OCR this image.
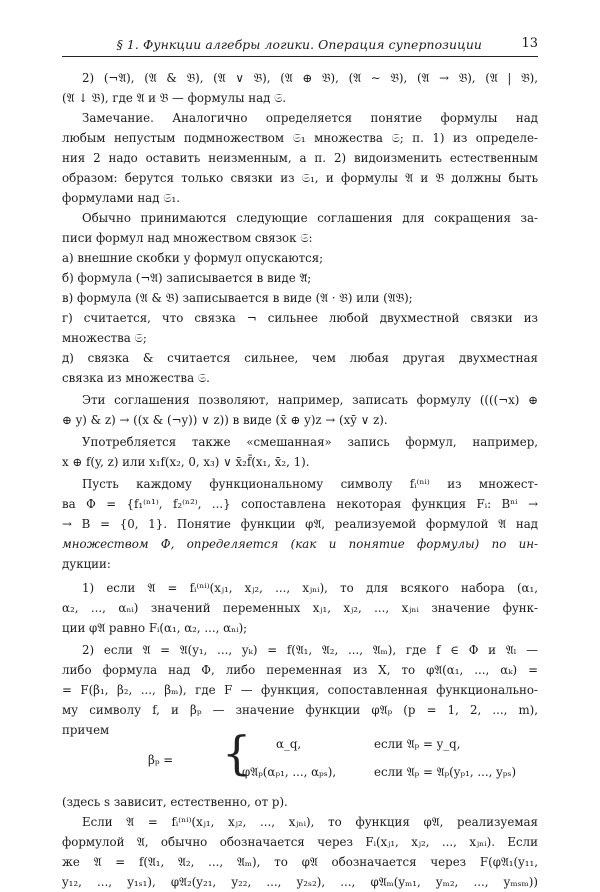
§ 1. Функции алгебры логики. Операция суперпозиции	13
2) (¬𝔄), (𝔄 & 𝔅), (𝔄 ∨ 𝔅), (𝔄 ⊕ 𝔅), (𝔄 ∼ 𝔅), (𝔄 → 𝔅), (𝔄 | 𝔅),
(𝔄 ↓ 𝔅), где 𝔄 и 𝔅 — формулы над 𝔖.
Замечание. Аналогично определяется понятие формулы над
любым непустым подмножеством 𝔖₁ множества 𝔖; п. 1) из определе-
ния 2 надо оставить неизменным, а п. 2) видоизменить естественным
образом: берутся только связки из 𝔖₁, и формулы 𝔄 и 𝔅 должны быть
формулами над 𝔖₁.
Обычно принимаются следующие соглашения для сокращения за-
писи формул над множеством связок 𝔖:
а) внешние скобки у формул опускаются;
б) формула (¬𝔄) записывается в виде 𝔄̄;
в) формула (𝔄 & 𝔅) записывается в виде (𝔄 · 𝔅) или (𝔄𝔅);
г) считается, что связка ¬ сильнее любой двухместной связки из
множества 𝔖;
д) связка & считается сильнее, чем любая другая двухместная
связка из множества 𝔖.
Эти соглашения позволяют, например, записать формулу ((((¬x) ⊕
⊕ y) & z) → ((x & (¬y)) ∨ z)) в виде (x̄ ⊕ y)z → (xȳ ∨ z).
Употребляется также «смешанная» запись формул, например,
x ⊕ f(y, z) или x₁f(x₂, 0, x₃) ∨ x̄₂f̄(x₁, x̄₂, 1).
Пусть каждому функциональному символу fᵢ⁽ⁿⁱ⁾ из множест-
ва Φ = {f₁⁽ⁿ¹⁾, f₂⁽ⁿ²⁾, ...} сопоставлена некоторая функция Fᵢ: Bⁿⁱ →
→ B = {0, 1}. Понятие функции φ𝔄, реализуемой формулой 𝔄 над
множеством Φ, определяется (как и понятие формулы) по ин-
дукции:
1) если 𝔄 = fᵢ⁽ⁿⁱ⁾(xⱼ₁, xⱼ₂, ..., xⱼₙᵢ), то для всякого набора (α₁,
α₂, ..., αₙᵢ) значений переменных xⱼ₁, xⱼ₂, ..., xⱼₙᵢ значение функ-
ции φ𝔄 равно Fᵢ(α₁, α₂, ..., αₙᵢ);
2) если 𝔄 = 𝔄(y₁, ..., yₖ) = f(𝔄₁, 𝔄₂, ..., 𝔄ₘ), где f ∈ Φ и 𝔄ₗ —
либо формула над Φ, либо переменная из X, то φ𝔄(α₁, ..., αₖ) =
= F(β₁, β₂, ..., βₘ), где F — функция, сопоставленная функционально-
му символу f, и βₚ — значение функции φ𝔄ₚ (p = 1, 2, ..., m),
причем
βₚ =	{ α_q,	если 𝔄ₚ = y_q,
φ𝔄ₚ(αₚ₁, ..., αₚₛ),	если 𝔄ₚ = 𝔄ₚ(yₚ₁, ..., yₚₛ)
(здесь s зависит, естественно, от p).
Если 𝔄 = fᵢ⁽ⁿⁱ⁾(xⱼ₁, xⱼ₂, ..., xⱼₙᵢ), то функция φ𝔄, реализуемая
формулой 𝔄, обычно обозначается через Fᵢ(xⱼ₁, xⱼ₂, ..., xⱼₙᵢ). Если
же 𝔄 = f(𝔄₁, 𝔄₂, ..., 𝔄ₘ), то φ𝔄 обозначается через F(φ𝔄₁(y₁₁,
y₁₂, ..., y₁ₛ₁), φ𝔄₂(y₂₁, y₂₂, ..., y₂ₛ₂), ..., φ𝔄ₘ(yₘ₁, yₘ₂, ..., yₘₛₘ))
